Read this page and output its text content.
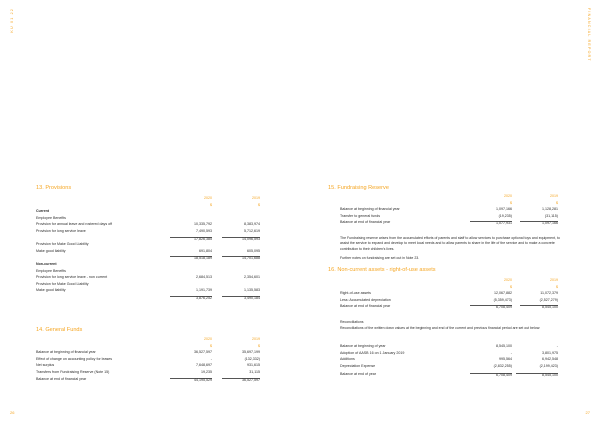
KU 01 22	FINANCIAL REPORT
26	27
13. Provisions
2020	2019
$	$
Current
Employee Benefits
Provision for annual leave and rostered days off	10,335,792	8,383,974
Provision for long service leave	7,490,593	5,712,619
17,826,385	14,096,593
Provision for Make Good Liability
Make good liability	691,804	605,095
18,518,189	14,701,688
Non-current
Employee Benefits
Provision for long service leave - non current	2,684,513	2,354,601
Provision for Make Good Liability
Make good liability	1,191,739	1,135,583
3,876,252	3,490,184
14. General Funds
2020	2019
$	$
Balance at beginning of financial year	36,527,597	35,697,199
Effect of change on accounting policy for leases	-	(132,332)
Net surplus	7,648,697	931,615
Transfers from Fundraising Reserve (Note 15)	19,235	31,115
Balance at end of financial year	44,195,529	36,527,597
15. Fundraising Reserve
2020	2019
$	$
Balance at beginning of financial year	1,097,166	1,128,281
Transfer to general funds	(19,235)	(31,115)
Balance at end of financial year	1,077,931	1,097,166
The Fundraising reserve arises from the accumulated efforts of parents and staff to allow services to purchase optional toys and equipment, to assist the service to expand and develop to meet local needs and to allow parents to share in the life of the service and to make a concrete contribution to their children's lives.
Further notes on fundraising are set out in Note 23.
16. Non-current assets - right-of-use assets
2020	2019
$	$
Right-of-use assets	12,067,882	11,072,379
Less: Accumulated depreciation	(5,359,473)	(2,527,279)
Balance at end of financial year	6,708,409	8,545,100
Reconciliations
Reconciliations of the written down values at the beginning and end of the current and previous financial period are set out below:
Balance at beginning of year	8,545,100	-
Adoption of AASB 16 on 1 January 2019	-	3,801,975
Additions	995,564	6,942,548
Depreciation Expense	(2,832,255)	(2,199,423)
Balance at end of year	6,708,409	8,545,100
